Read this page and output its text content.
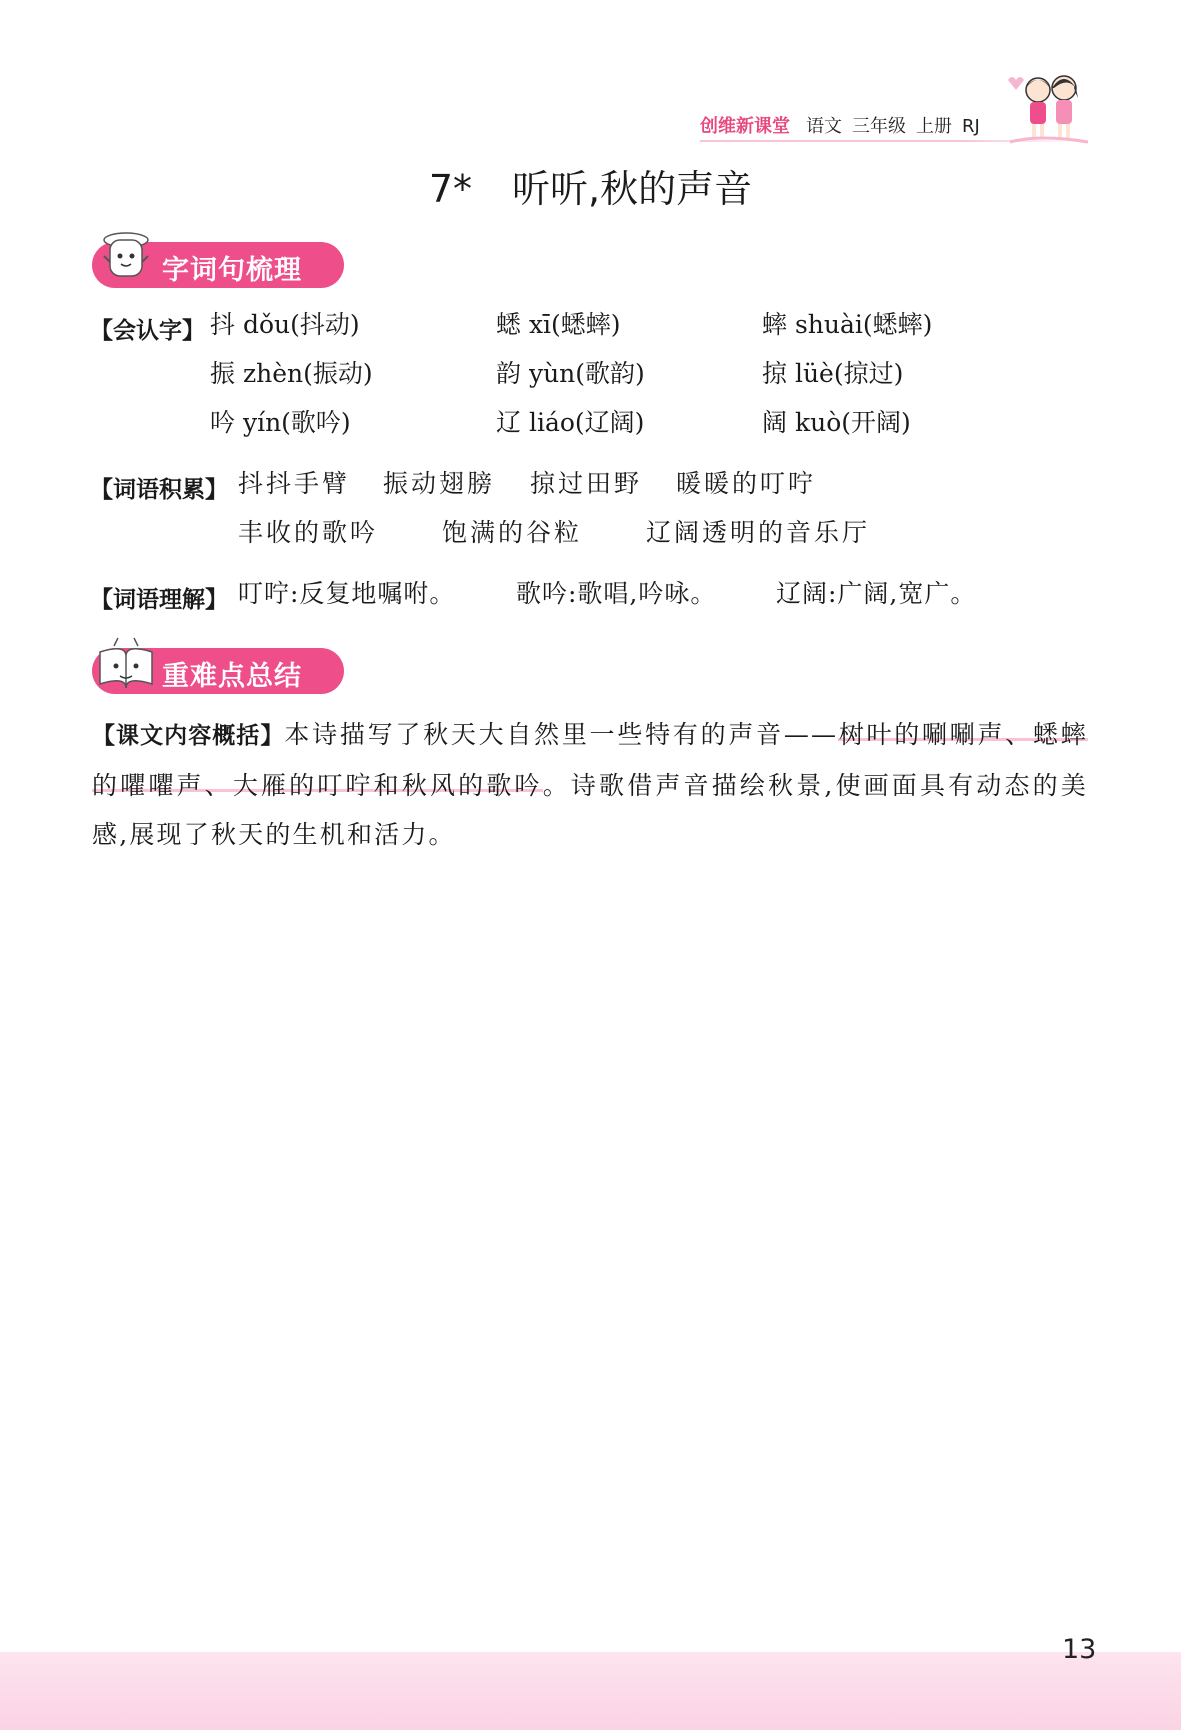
创维新课堂 语文 三年级 上册 RJ
7* 听听,秋的声音
字词句梳理
【会认字】 抖 dǒu(抖动)	蟋 xī(蟋蟀)	蟀 shuài(蟋蟀)
振 zhèn(振动)	韵 yùn(歌韵)	掠 lüè(掠过)
吟 yín(歌吟)	辽 liáo(辽阔)	阔 kuò(开阔)
【词语积累】 抖抖手臂 振动翅膀 掠过田野 暖暖的叮咛
丰收的歌吟	饱满的谷粒	辽阔透明的音乐厅
【词语理解】 叮咛:反复地嘱咐。 歌吟:歌唱,吟咏。 辽阔:广阔,宽广。
重难点总结
【课文内容概括】本诗描写了秋天大自然里一些特有的声音——树叶的唰唰声、蟋蟀的㘗㘗声、大雁的叮咛和秋风的歌吟。诗歌借声音描绘秋景,使画面具有动态的美感,展现了秋天的生机和活力。
13
